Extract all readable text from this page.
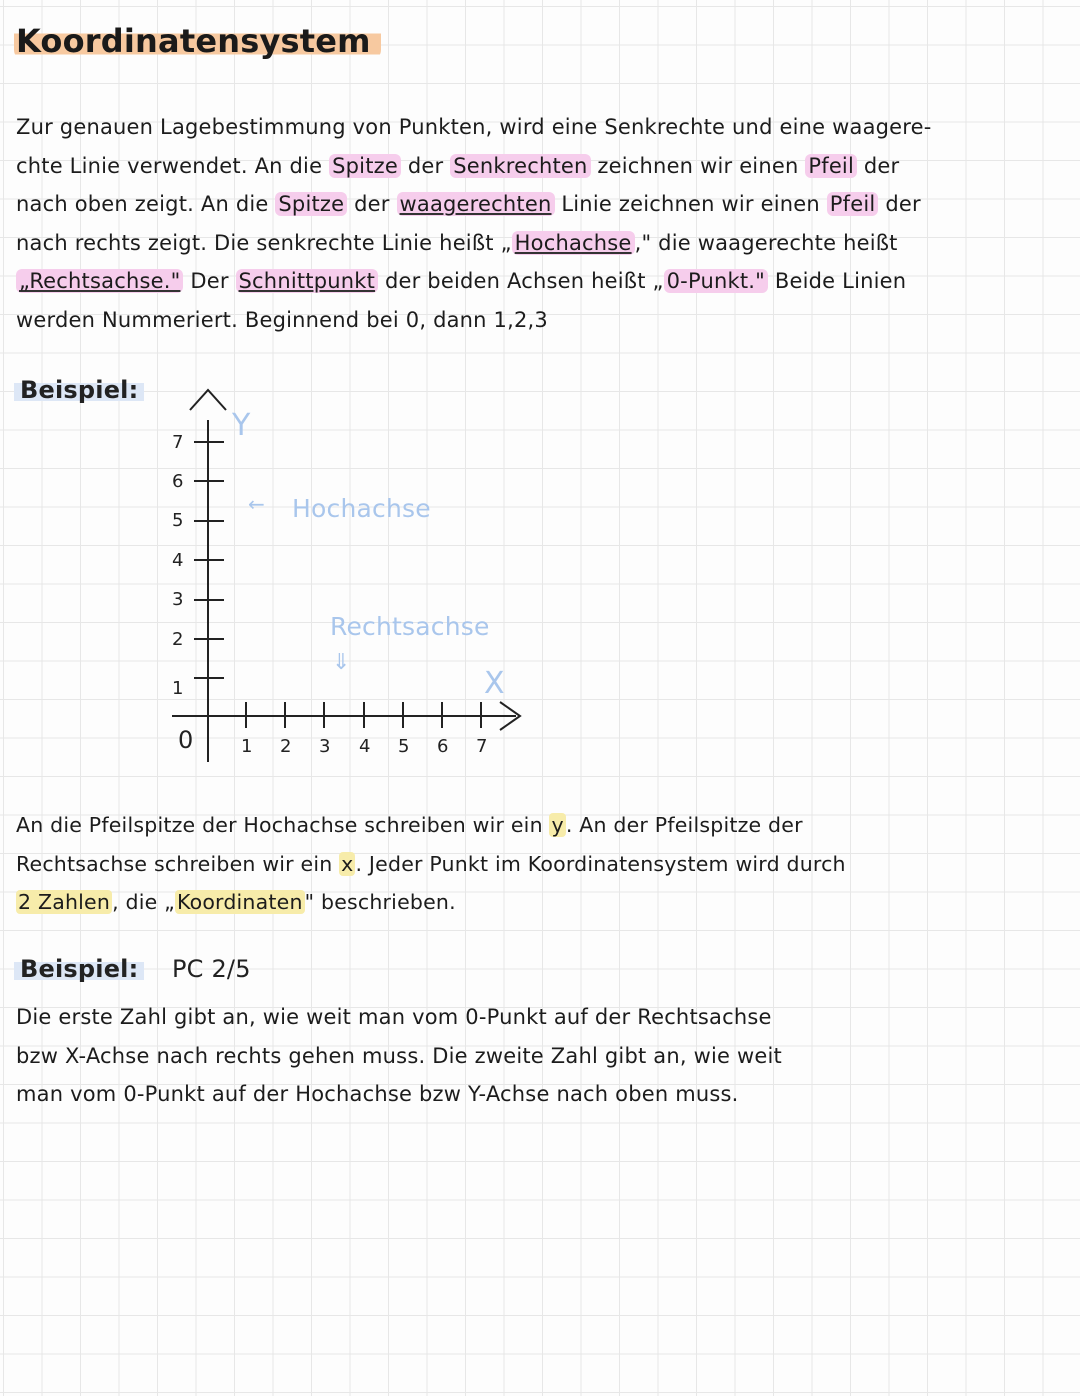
Koordinatensystem
Zur genauen Lagebestimmung von Punkten, wird eine Senkrechte und eine waagere-
chte Linie verwendet. An die Spitze der Senkrechten zeichnen wir einen Pfeil der
nach oben zeigt. An die Spitze der waagerechten Linie zeichnen wir einen Pfeil der
nach rechts zeigt. Die senkrechte Linie heißt „ Hochachse ," die waagerechte heißt
„Rechtsachse." Der Schnittpunkt der beiden Achsen heißt „ 0-Punkt." Beide Linien
werden Nummeriert. Beginnend bei 0, dann 1,2,3
Beispiel:
Y
X
1
2
3
4
5
6
7
0	1 2 3 4 5 6 7
← Hochachse
Rechtsachse
⇓
An die Pfeilspitze der Hochachse schreiben wir ein y. An der Pfeilspitze der
Rechtsachse schreiben wir ein x. Jeder Punkt im Koordinatensystem wird durch
2 Zahlen, die „Koordinaten" beschrieben.
Beispiel: PC 2/5
Die erste Zahl gibt an, wie weit man vom 0-Punkt auf der Rechtsachse
bzw X-Achse nach rechts gehen muss. Die zweite Zahl gibt an, wie weit
man vom 0-Punkt auf der Hochachse bzw Y-Achse nach oben muss.
